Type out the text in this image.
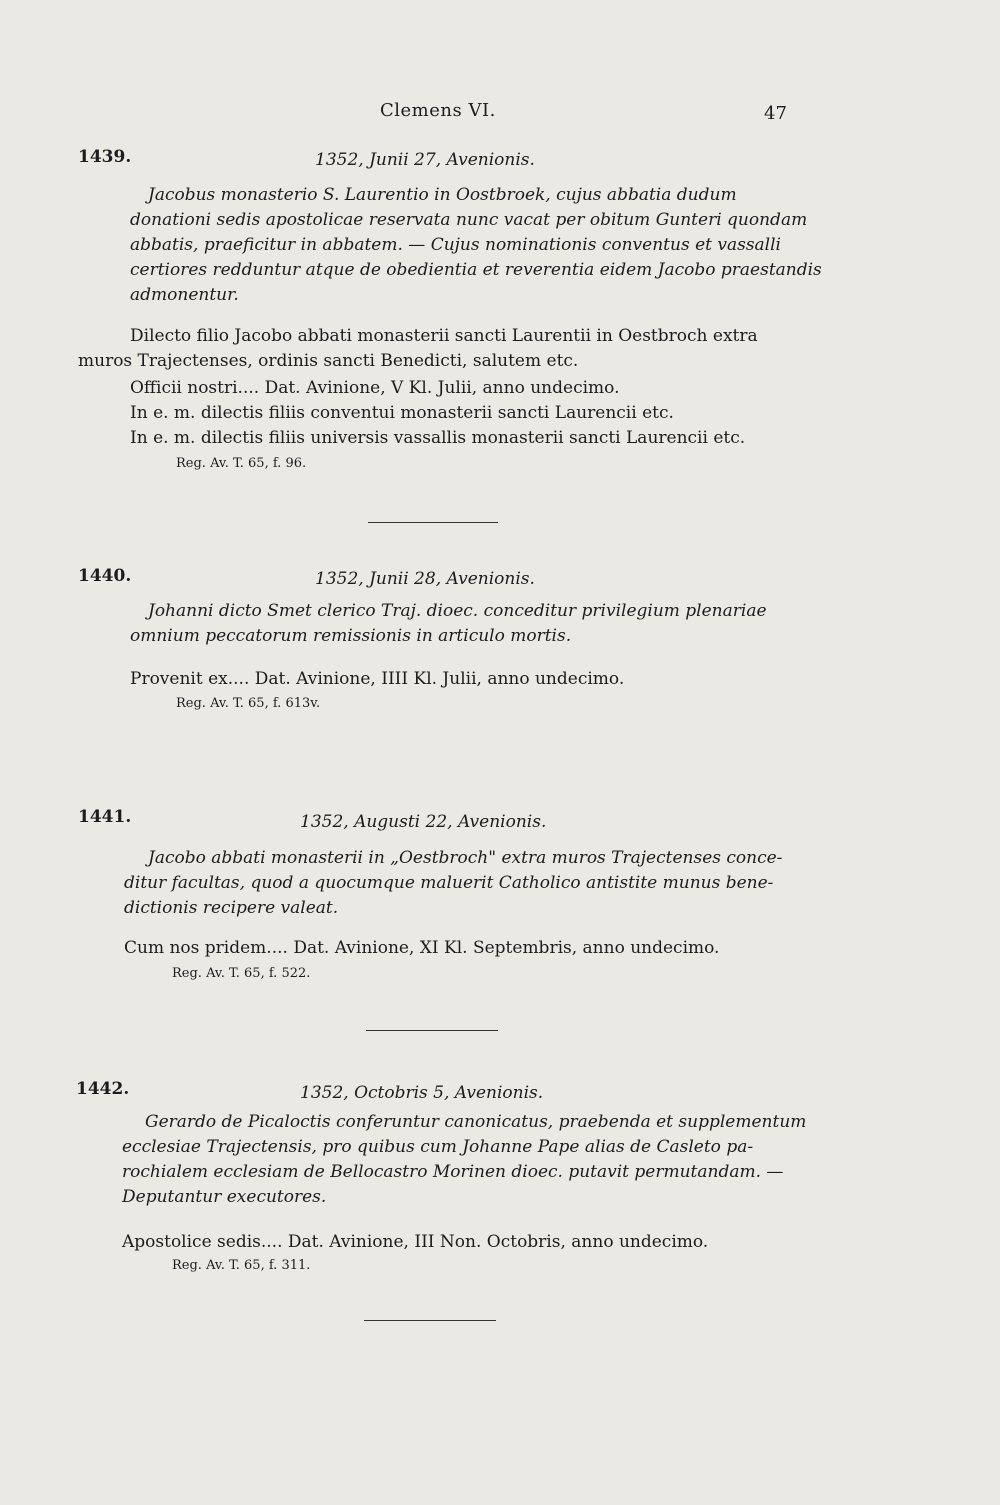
Clemens VI.	47
1439.	1352, Junii 27, Avenionis.
Jacobus monasterio S. Laurentio in Oostbroek, cujus abbatia dudum
donationi sedis apostolicae reservata nunc vacat per obitum Gunteri quondam
abbatis, praeficitur in abbatem. — Cujus nominationis conventus et vassalli
certiores redduntur atque de obedientia et reverentia eidem Jacobo praestandis
admonentur.
Dilecto filio Jacobo abbati monasterii sancti Laurentii in Oestbroch extra
muros Trajectenses, ordinis sancti Benedicti, salutem etc.
Officii nostri.... Dat. Avinione, V Kl. Julii, anno undecimo.
In e. m. dilectis filiis conventui monasterii sancti Laurencii etc.
In e. m. dilectis filiis universis vassallis monasterii sancti Laurencii etc.
Reg. Av. T. 65, f. 96.
1440.	1352, Junii 28, Avenionis.
Johanni dicto Smet clerico Traj. dioec. conceditur privilegium plenariae
omnium peccatorum remissionis in articulo mortis.
Provenit ex.... Dat. Avinione, IIII Kl. Julii, anno undecimo.
Reg. Av. T. 65, f. 613v.
1441.	1352, Augusti 22, Avenionis.
Jacobo abbati monasterii in „Oestbroch" extra muros Trajectenses conce-
ditur facultas, quod a quocumque maluerit Catholico antistite munus bene-
dictionis recipere valeat.
Cum nos pridem.... Dat. Avinione, XI Kl. Septembris, anno undecimo.
Reg. Av. T. 65, f. 522.
1442.	1352, Octobris 5, Avenionis.
Gerardo de Picaloctis conferuntur canonicatus, praebenda et supplementum
ecclesiae Trajectensis, pro quibus cum Johanne Pape alias de Casleto pa-
rochialem ecclesiam de Bellocastro Morinen dioec. putavit permutandam. —
Deputantur executores.
Apostolice sedis.... Dat. Avinione, III Non. Octobris, anno undecimo.
Reg. Av. T. 65, f. 311.
